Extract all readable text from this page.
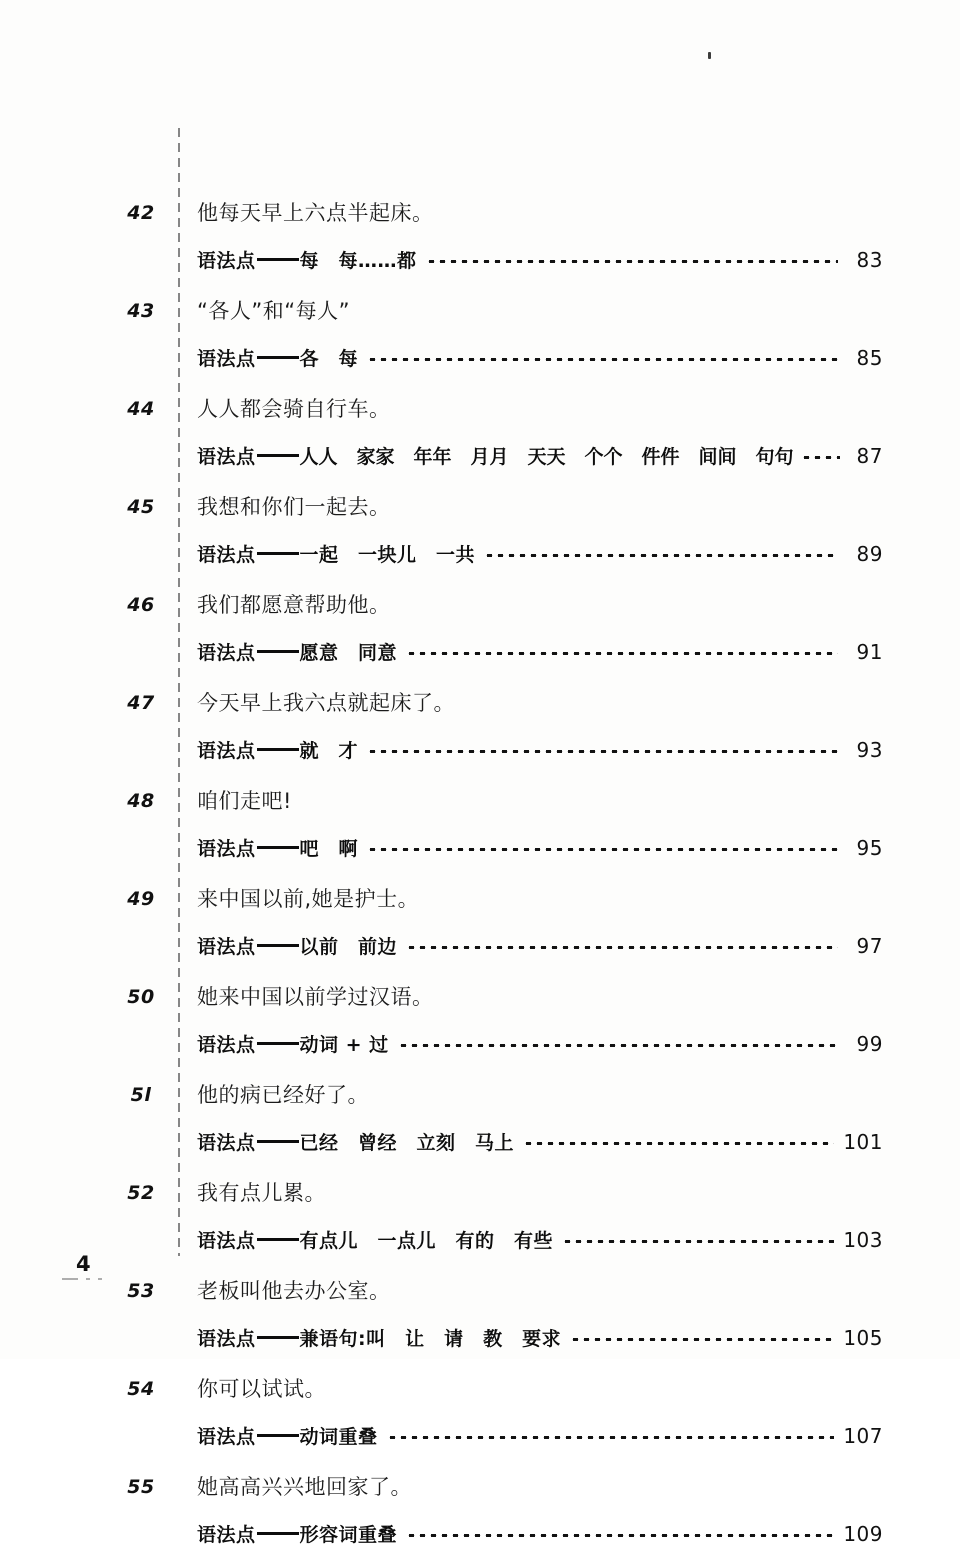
42	他每天早上六点半起床。
语法点 每　每……都	83
43	“各人”和“每人”
语法点 各　每	85
44	人人都会骑自行车。
语法点 人人　家家　年年　月月　天天　个个　件件　间间　句句	87
45	我想和你们一起去。
语法点 一起　一块儿　一共	89
46	我们都愿意帮助他。
语法点 愿意　同意	91
47	今天早上我六点就起床了。
语法点 就　才	93
48	咱们走吧!
语法点 吧　啊	95
49	来中国以前,她是护士。
语法点 以前　前边	97
50	她来中国以前学过汉语。
语法点 动词 + 过	99
5l	他的病已经好了。
语法点 已经　曾经　立刻　马上	101
52	我有点儿累。
语法点 有点儿　一点儿　有的　有些	103
53	老板叫他去办公室。
语法点 兼语句:叫　让　请　教　要求	105
54	你可以试试。
语法点 动词重叠	107
55	她高高兴兴地回家了。
语法点 形容词重叠	109
4
